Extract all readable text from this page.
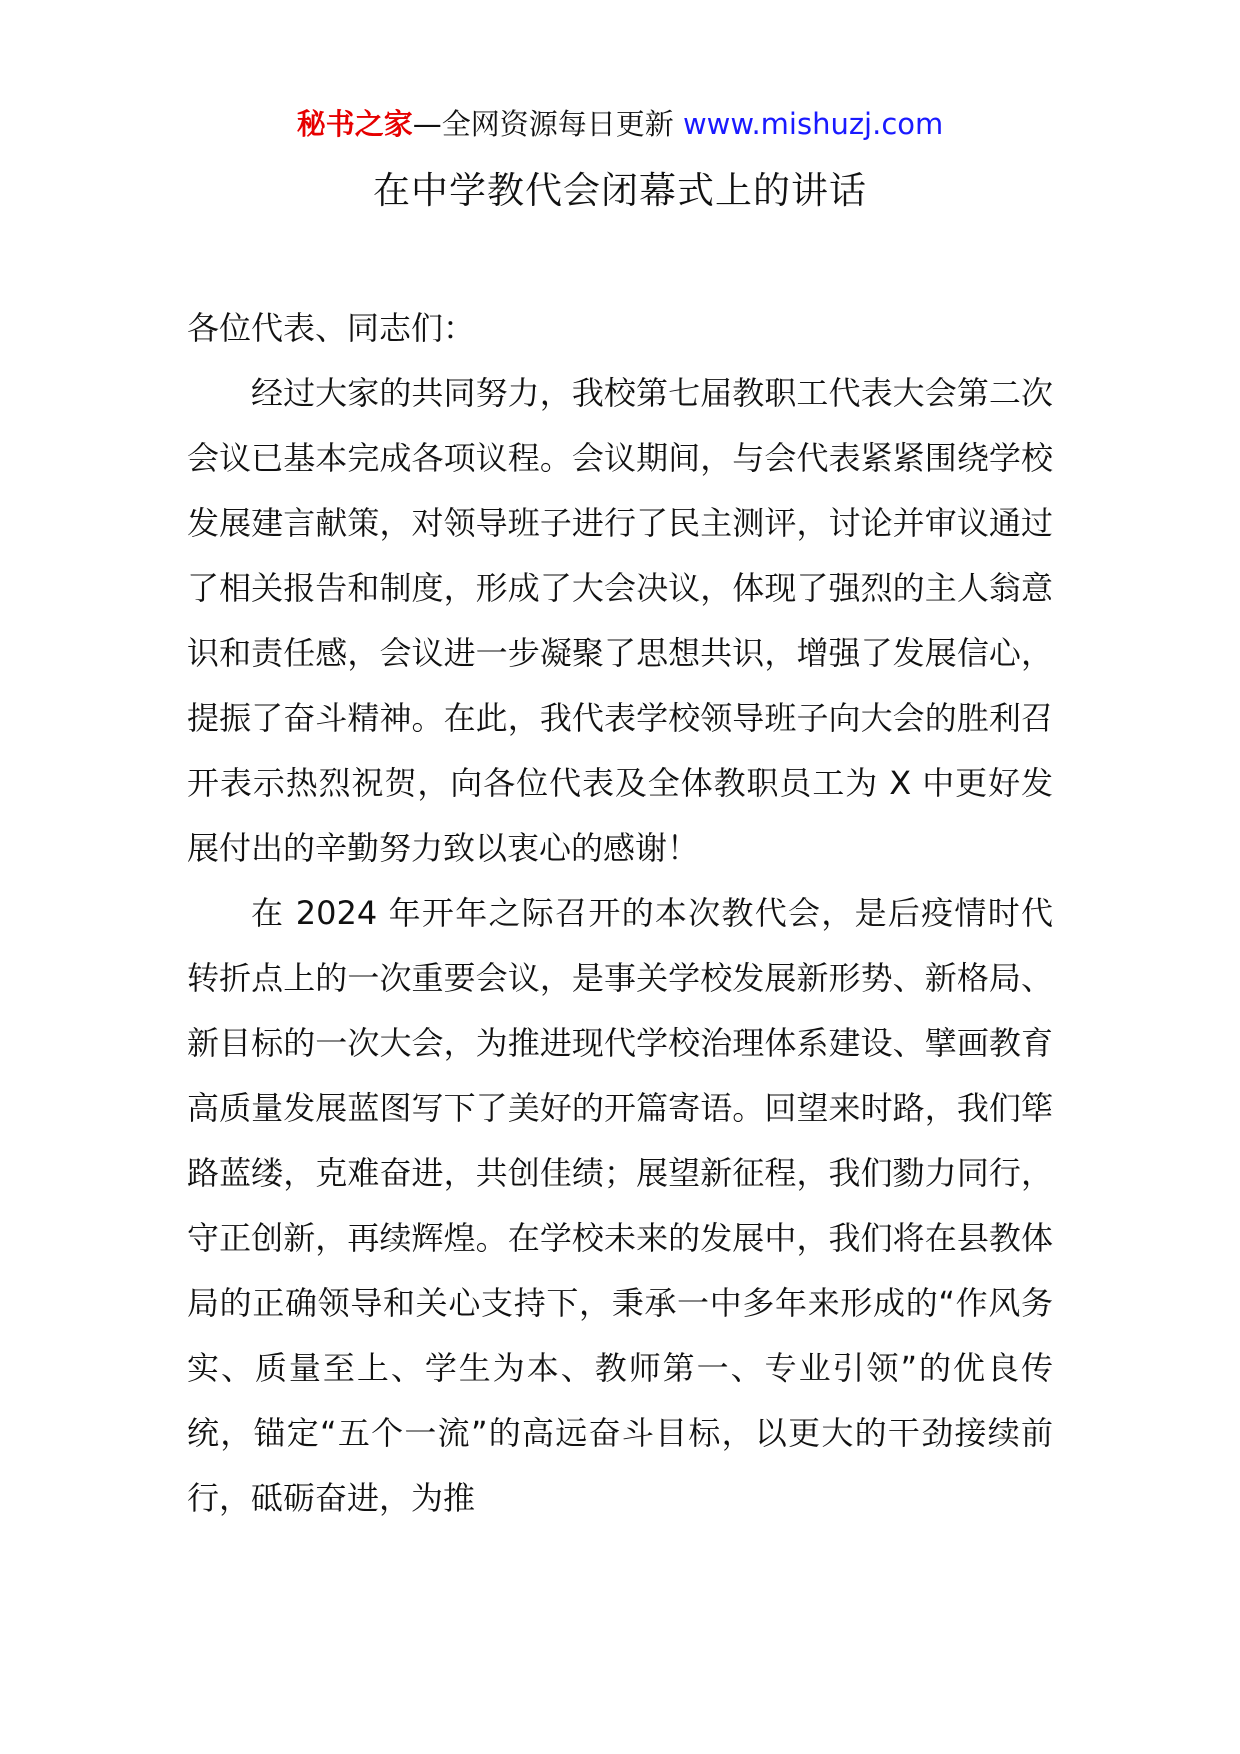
秘书之家—全网资源每日更新 www.mishuzj.com
在中学教代会闭幕式上的讲话

各位代表、同志们：

经过大家的共同努力，我校第七届教职工代表大会第二次会议已基本完成各项议程。会议期间，与会代表紧紧围绕学校发展建言献策，对领导班子进行了民主测评，讨论并审议通过了相关报告和制度，形成了大会决议，体现了强烈的主人翁意识和责任感，会议进一步凝聚了思想共识，增强了发展信心，提振了奋斗精神。在此，我代表学校领导班子向大会的胜利召开表示热烈祝贺，向各位代表及全体教职员工为 X 中更好发展付出的辛勤努力致以衷心的感谢！

在 2024 年开年之际召开的本次教代会，是后疫情时代转折点上的一次重要会议，是事关学校发展新形势、新格局、新目标的一次大会，为推进现代学校治理体系建设、擘画教育高质量发展蓝图写下了美好的开篇寄语。回望来时路，我们筚路蓝缕，克难奋进，共创佳绩；展望新征程，我们勠力同行，守正创新，再续辉煌。在学校未来的发展中，我们将在县教体局的正确领导和关心支持下，秉承一中多年来形成的“作风务实、质量至上、学生为本、教师第一、专业引领”的优良传统，锚定“五个一流”的高远奋斗目标，以更大的干劲接续前行，砥砺奋进，为推
